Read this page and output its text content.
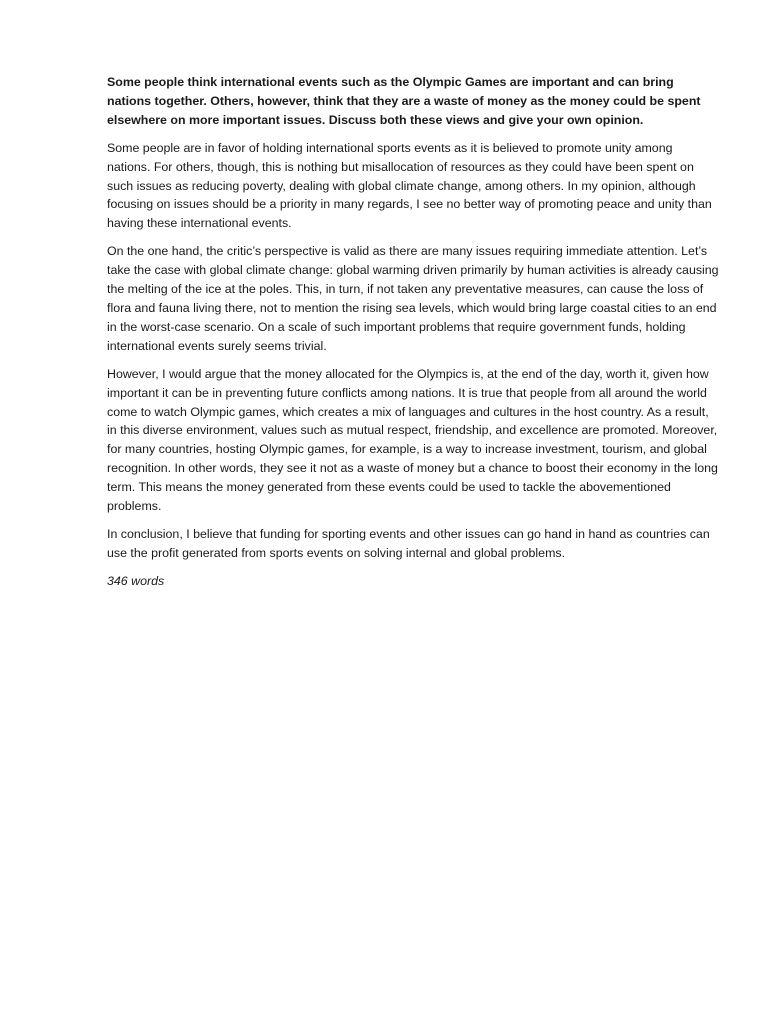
Some people think international events such as the Olympic Games are important and can bring nations together. Others, however, think that they are a waste of money as the money could be spent elsewhere on more important issues. Discuss both these views and give your own opinion.

Some people are in favor of holding international sports events as it is believed to promote unity among nations. For others, though, this is nothing but misallocation of resources as they could have been spent on such issues as reducing poverty, dealing with global climate change, among others. In my opinion, although focusing on issues should be a priority in many regards, I see no better way of promoting peace and unity than having these international events.

On the one hand, the critic’s perspective is valid as there are many issues requiring immediate attention. Let’s take the case with global climate change: global warming driven primarily by human activities is already causing the melting of the ice at the poles. This, in turn, if not taken any preventative measures, can cause the loss of flora and fauna living there, not to mention the rising sea levels, which would bring large coastal cities to an end in the worst-case scenario. On a scale of such important problems that require government funds, holding international events surely seems trivial.

However, I would argue that the money allocated for the Olympics is, at the end of the day, worth it, given how important it can be in preventing future conflicts among nations. It is true that people from all around the world come to watch Olympic games, which creates a mix of languages and cultures in the host country. As a result, in this diverse environment, values such as mutual respect, friendship, and excellence are promoted. Moreover, for many countries, hosting Olympic games, for example, is a way to increase investment, tourism, and global recognition. In other words, they see it not as a waste of money but a chance to boost their economy in the long term. This means the money generated from these events could be used to tackle the abovementioned problems.

In conclusion, I believe that funding for sporting events and other issues can go hand in hand as countries can use the profit generated from sports events on solving internal and global problems.

346 words
